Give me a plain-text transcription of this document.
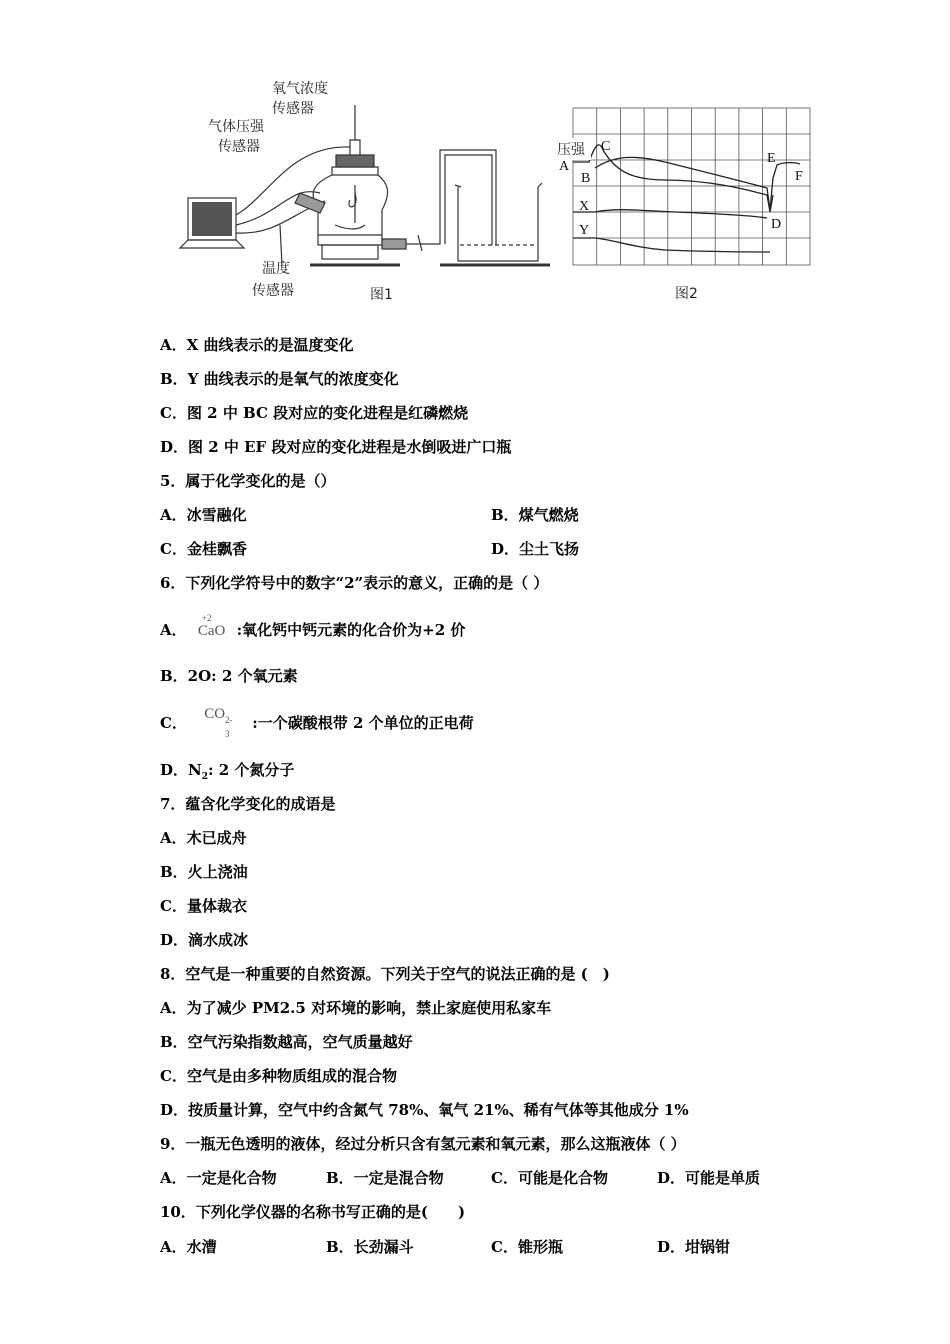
氧气浓度
传感器
气体压强
传感器
温度
传感器	图1
压强
A
B
C
X
Y
E
F
D
图2
A．X 曲线表示的是温度变化
B．Y 曲线表示的是氧气的浓度变化
C．图 2 中 BC 段对应的变化进程是红磷燃烧
D．图 2 中 EF 段对应的变化进程是水倒吸进广口瓶
5．属于化学变化的是（）
A．冰雪融化	B．煤气燃烧
C．金桂飘香	D．尘土飞扬
6．下列化学符号中的数字“2”表示的意义，正确的是（ ）
A．
+2
CaO :氧化钙中钙元素的化合价为+2 价
B．2O: 2 个氧元素
C． CO 2-
3
:一个碳酸根带 2 个单位的正电荷
D．$N_2$: 2 个氮分子
7．蕴含化学变化的成语是
A．木已成舟
B．火上浇油
C．量体裁衣
D．滴水成冰
8．空气是一种重要的自然资源。下列关于空气的说法正确的是 (　)
A．为了减少 PM2.5 对环境的影响，禁止家庭使用私家车
B．空气污染指数越高，空气质量越好
C．空气是由多种物质组成的混合物
D．按质量计算，空气中约含氮气 78%、氧气 21%、稀有气体等其他成分 1%
9．一瓶无色透明的液体，经过分析只含有氢元素和氧元素，那么这瓶液体（ ）
A．一定是化合物	B．一定是混合物	C．可能是化合物	D．可能是单质
10．下列化学仪器的名称书写正确的是(　　)
A．水漕	B．长劲漏斗	C．锥形瓶	D．坩锅钳
